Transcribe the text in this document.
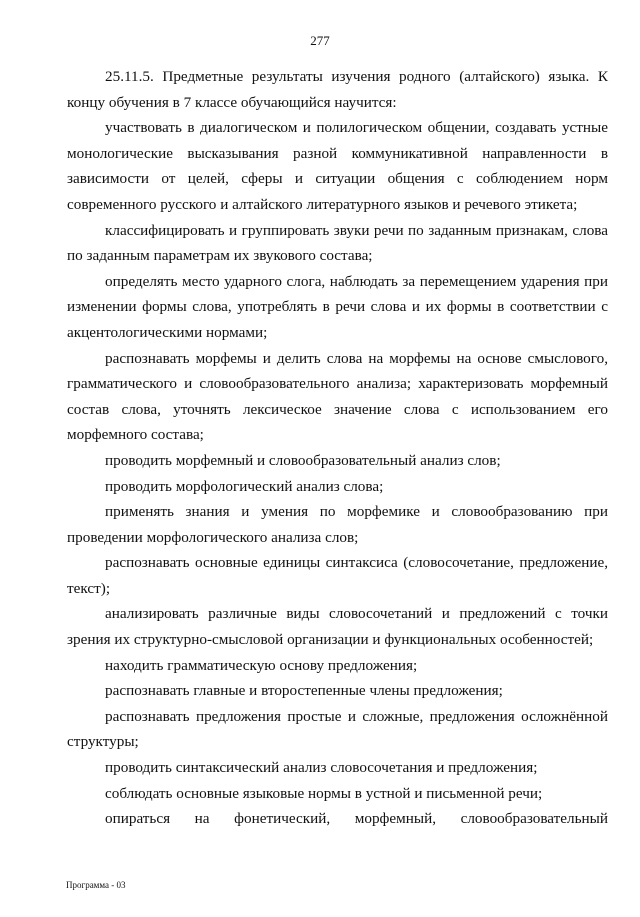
277

25.11.5. Предметные результаты изучения родного (алтайского) языка. К концу обучения в 7 классе обучающийся научится:

участвовать в диалогическом и полилогическом общении, создавать устные монологические высказывания разной коммуникативной направленности в зависимости от целей, сферы и ситуации общения с соблюдением норм современного русского и алтайского литературного языков и речевого этикета;

классифицировать и группировать звуки речи по заданным признакам, слова по заданным параметрам их звукового состава;

определять место ударного слога, наблюдать за перемещением ударения при изменении формы слова, употреблять в речи слова и их формы в соответствии с акцентологическими нормами;

распознавать морфемы и делить слова на морфемы на основе смыслового, грамматического и словообразовательного анализа; характеризовать морфемный состав слова, уточнять лексическое значение слова с использованием его морфемного состава;

проводить морфемный и словообразовательный анализ слов;

проводить морфологический анализ слова;

применять знания и умения по морфемике и словообразованию при проведении морфологического анализа слов;

распознавать основные единицы синтаксиса (словосочетание, предложение, текст);

анализировать различные виды словосочетаний и предложений с точки зрения их структурно-смысловой организации и функциональных особенностей;

находить грамматическую основу предложения;

распознавать главные и второстепенные члены предложения;

распознавать предложения простые и сложные, предложения осложнённой структуры;

проводить синтаксический анализ словосочетания и предложения;

соблюдать основные языковые нормы в устной и письменной речи;

опираться на фонетический, морфемный, словообразовательный

Программа - 03
